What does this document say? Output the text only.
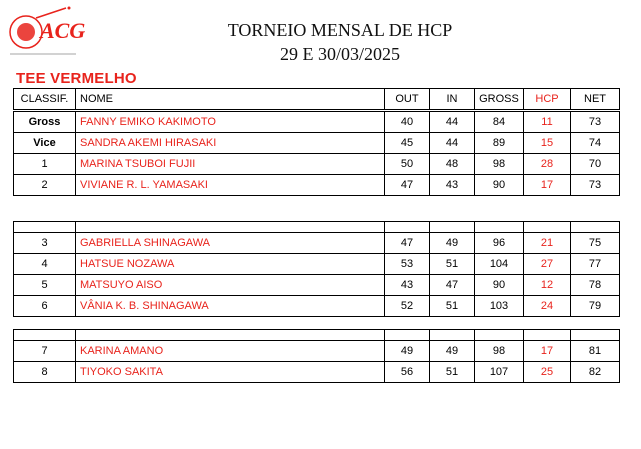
ACG	TORNEIO MENSAL DE HCP
29 E 30/03/2025
TEE VERMELHO
CLASSIF.	NOME	OUT	IN	GROSS	HCP	NET
Gross	FANNY EMIKO KAKIMOTO	40	44	84	11	73
Vice	SANDRA AKEMI HIRASAKI	45	44	89	15	74
1	MARINA TSUBOI FUJII	50	48	98	28	70
2	VIVIANE R. L. YAMASAKI	47	43	90	17	73

3	GABRIELLA SHINAGAWA	47	49	96	21	75
4	HATSUE NOZAWA	53	51	104	27	77
5	MATSUYO AISO	43	47	90	12	78
6	VÂNIA K. B. SHINAGAWA	52	51	103	24	79

7	KARINA AMANO	49	49	98	17	81
8	TIYOKO SAKITA	56	51	107	25	82
